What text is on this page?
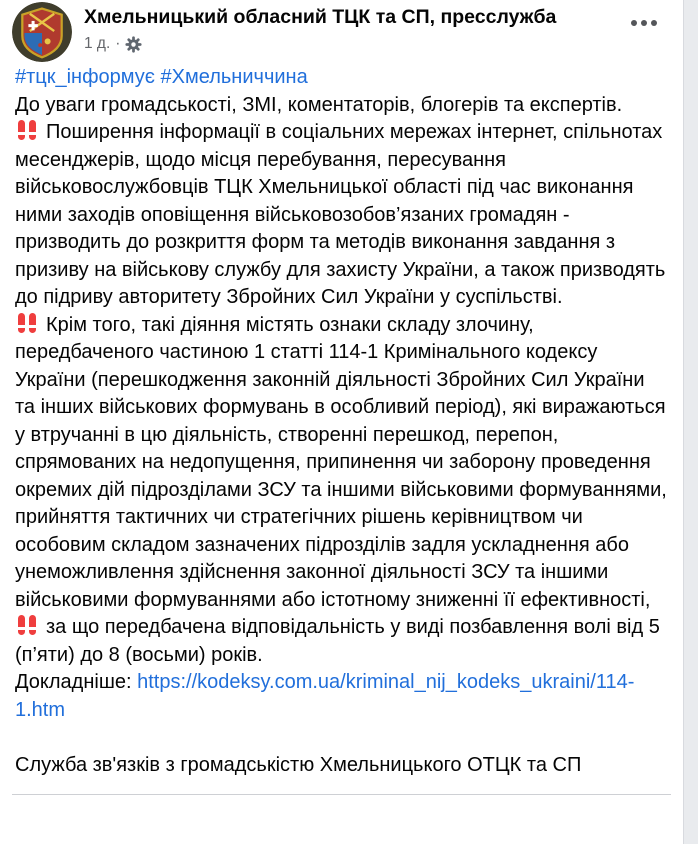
Хмельницький обласний ТЦК та СП, пресслужба
1 д. ·
#тцк_інформує #Хмельниччина
До уваги громадськості, ЗМІ, коментаторів, блогерів та експертів.
Поширення інформації в соціальних мережах інтернет, спільнотах месенджерів, щодо місця перебування, пересування військовослужбовців ТЦК Хмельницької області під час виконання ними заходів оповіщення військовозобов’язаних громадян - призводить до розкриття форм та методів виконання завдання з призиву на військову службу для захисту України, а також призводять до підриву авторитету Збройних Сил України у суспільстві.
Крім того, такі діяння містять ознаки складу злочину, передбаченого частиною 1 статті 114-1 Кримінального кодексу України (перешкодження законній діяльності Збройних Сил України та інших військових формувань в особливий період), які виражаються у втручанні в цю діяльність, створенні перешкод, перепон, спрямованих на недопущення, припинення чи заборону проведення окремих дій підрозділами ЗСУ та іншими військовими формуваннями, прийняття тактичних чи стратегічних рішень керівництвом чи особовим складом зазначених підрозділів задля ускладнення або унеможливлення здійснення законної діяльності ЗСУ та іншими військовими формуваннями або істотному зниженні її ефективності,
за що передбачена відповідальність у виді позбавлення волі від 5 (п’яти) до 8 (восьми) років.
Докладніше: https://kodeksy.com.ua/kriminal_nij_kodeks_ukraini/114-1.htm
Служба зв'язків з громадськістю Хмельницького ОТЦК та СП
